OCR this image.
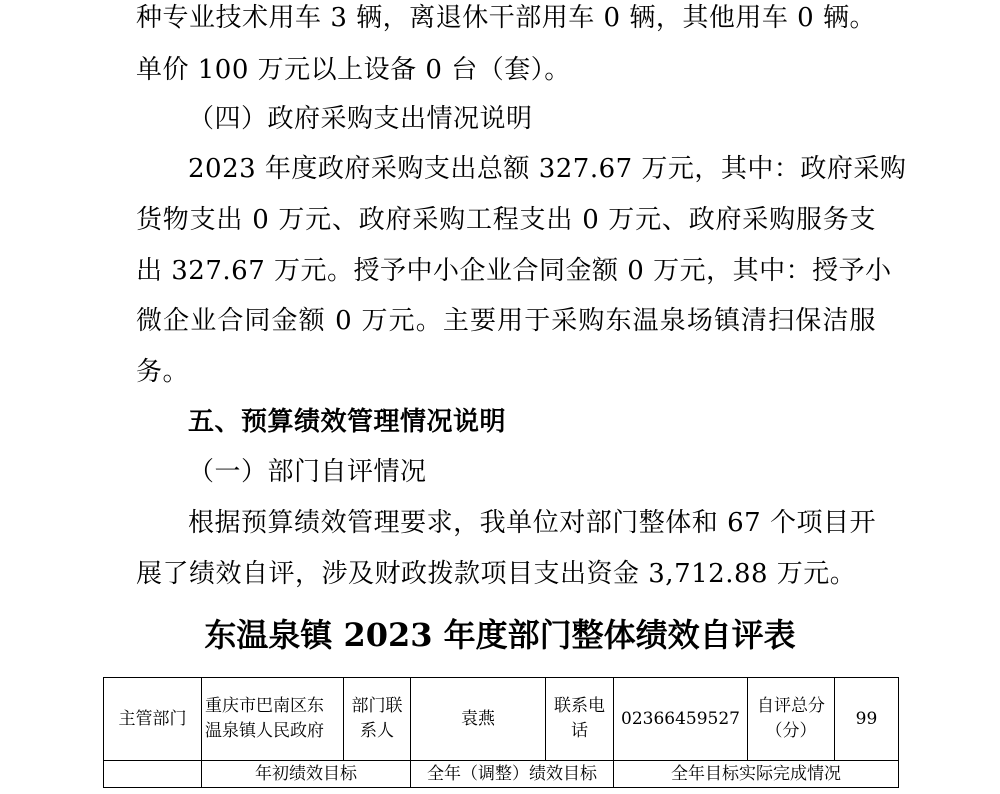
种专业技术用车 3 辆，离退休干部用车 0 辆，其他用车 0 辆。
单价 100 万元以上设备 0 台（套）。
（四）政府采购支出情况说明
2023 年度政府采购支出总额 327.67 万元，其中：政府采购
货物支出 0 万元、政府采购工程支出 0 万元、政府采购服务支
出 327.67 万元。授予中小企业合同金额 0 万元，其中：授予小
微企业合同金额 0 万元。主要用于采购东温泉场镇清扫保洁服
务。
五、预算绩效管理情况说明
（一）部门自评情况
根据预算绩效管理要求，我单位对部门整体和 67 个项目开
展了绩效自评，涉及财政拨款项目支出资金 3,712.88 万元。
东温泉镇 2023 年度部门整体绩效自评表
主管部门	重庆市巴南区东温泉镇人民政府	部门联系人	袁燕	联系电话	02366459527	自评总分（分）	99
	年初绩效目标		全年（调整）绩效目标		全年目标实际完成情况		
